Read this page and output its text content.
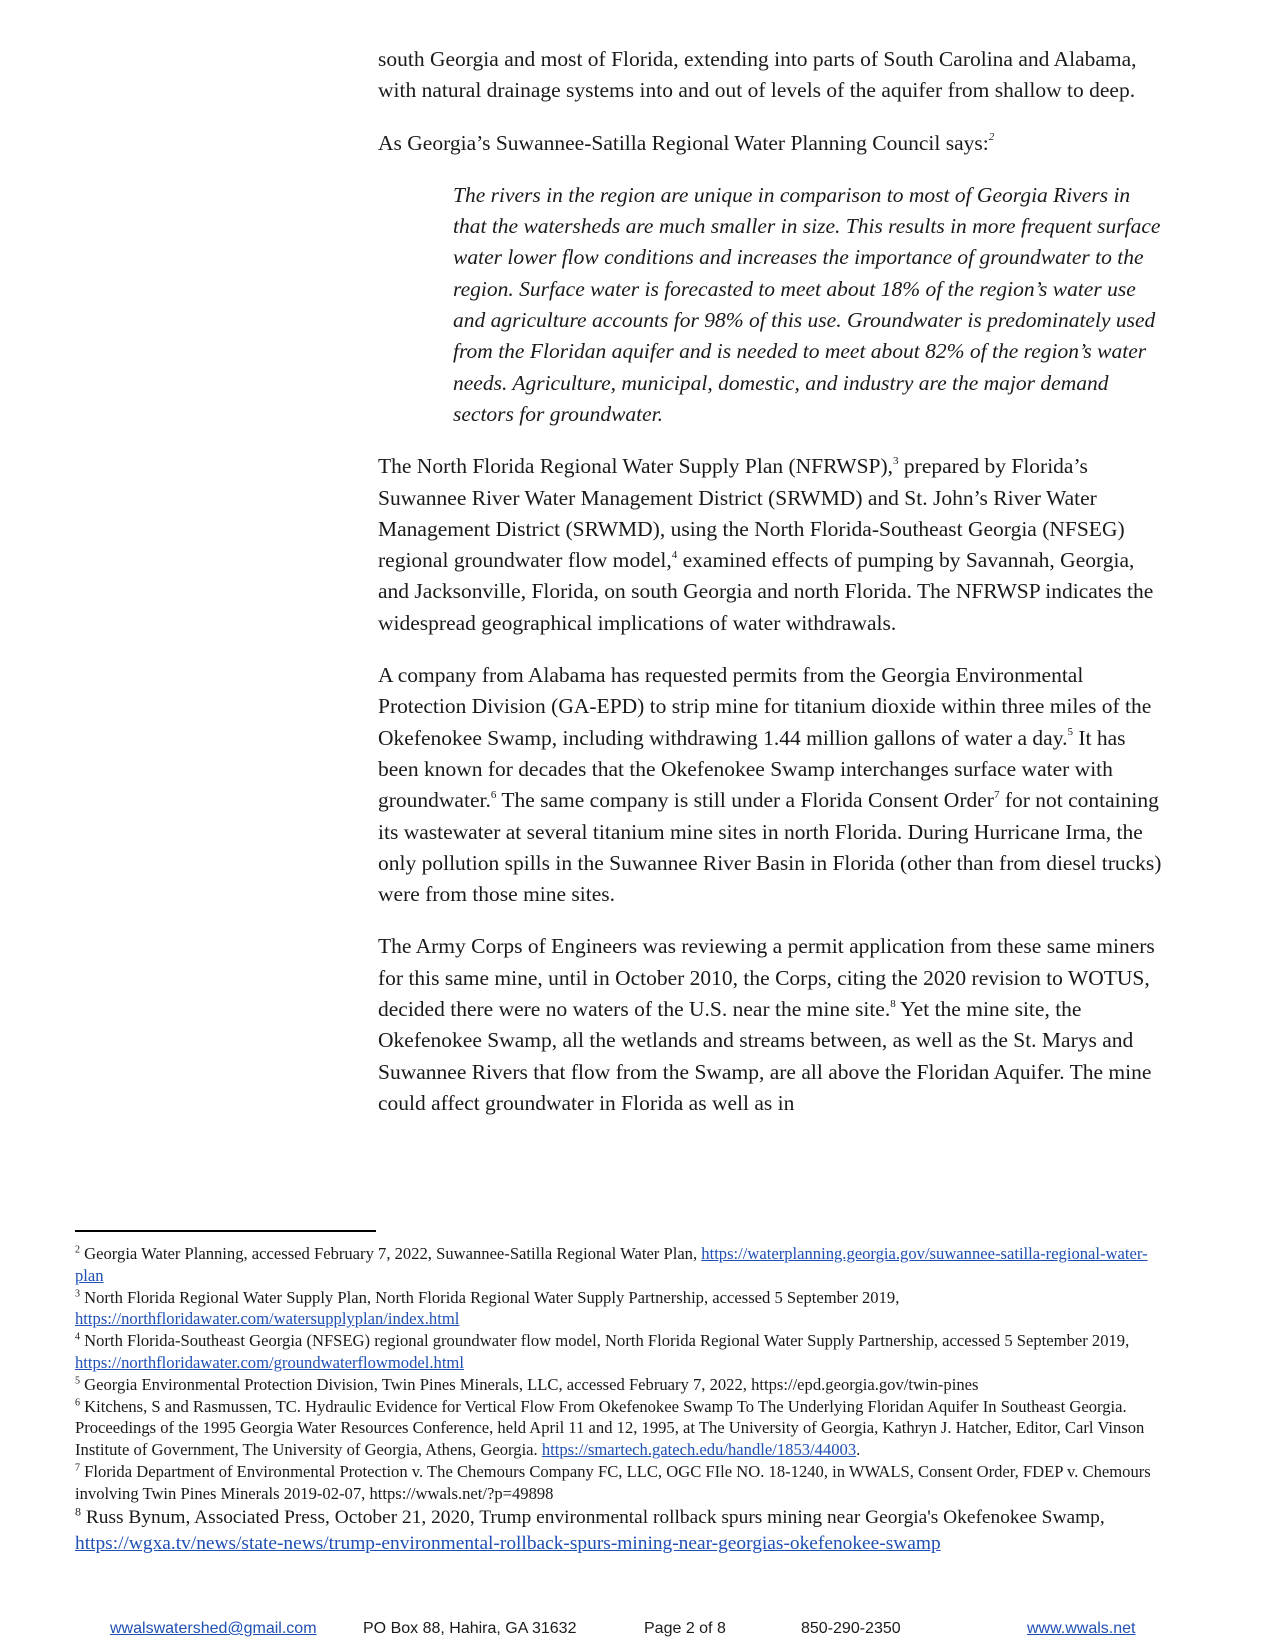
south Georgia and most of Florida, extending into parts of South Carolina and Alabama, with natural drainage systems into and out of levels of the aquifer from shallow to deep.

As Georgia’s Suwannee-Satilla Regional Water Planning Council says:$^2$

The rivers in the region are unique in comparison to most of Georgia Rivers in that the watersheds are much smaller in size. This results in more frequent surface water lower flow conditions and increases the importance of groundwater to the region. Surface water is forecasted to meet about 18% of the region’s water use and agriculture accounts for 98% of this use. Groundwater is predominately used from the Floridan aquifer and is needed to meet about 82% of the region’s water needs. Agriculture, municipal, domestic, and industry are the major demand sectors for groundwater.

The North Florida Regional Water Supply Plan (NFRWSP),$^3$ prepared by Florida’s Suwannee River Water Management District (SRWMD) and St. John’s River Water Management District (SRWMD), using the North Florida-Southeast Georgia (NFSEG) regional groundwater flow model,$^4$ examined effects of pumping by Savannah, Georgia, and Jacksonville, Florida, on south Georgia and north Florida. The NFRWSP indicates the widespread geographical implications of water withdrawals.

A company from Alabama has requested permits from the Georgia Environmental Protection Division (GA-EPD) to strip mine for titanium dioxide within three miles of the Okefenokee Swamp, including withdrawing 1.44 million gallons of water a day.$^5$ It has been known for decades that the Okefenokee Swamp interchanges surface water with groundwater.$^6$ The same company is still under a Florida Consent Order$^7$ for not containing its wastewater at several titanium mine sites in north Florida. During Hurricane Irma, the only pollution spills in the Suwannee River Basin in Florida (other than from diesel trucks) were from those mine sites.

The Army Corps of Engineers was reviewing a permit application from these same miners for this same mine, until in October 2010, the Corps, citing the 2020 revision to WOTUS, decided there were no waters of the U.S. near the mine site.$^8$ Yet the mine site, the Okefenokee Swamp, all the wetlands and streams between, as well as the St. Marys and Suwannee Rivers that flow from the Swamp, are all above the Floridan Aquifer. The mine could affect groundwater in Florida as well as in

$^2$ Georgia Water Planning, accessed February 7, 2022, Suwannee-Satilla Regional Water Plan, https://waterplanning.georgia.gov/suwannee-satilla-regional-water-plan

$^3$ North Florida Regional Water Supply Plan, North Florida Regional Water Supply Partnership, accessed 5 September 2019, https://northfloridawater.com/watersupplyplan/index.html

$^4$ North Florida-Southeast Georgia (NFSEG) regional groundwater flow model, North Florida Regional Water Supply Partnership, accessed 5 September 2019, https://northfloridawater.com/groundwaterflowmodel.html

$^5$ Georgia Environmental Protection Division, Twin Pines Minerals, LLC, accessed February 7, 2022, https://epd.georgia.gov/twin-pines

$^6$ Kitchens, S and Rasmussen, TC. Hydraulic Evidence for Vertical Flow From Okefenokee Swamp To The Underlying Floridan Aquifer In Southeast Georgia. Proceedings of the 1995 Georgia Water Resources Conference, held April 11 and 12, 1995, at The University of Georgia, Kathryn J. Hatcher, Editor, Carl Vinson Institute of Government, The University of Georgia, Athens, Georgia. https://smartech.gatech.edu/handle/1853/44003.

$^7$ Florida Department of Environmental Protection v. The Chemours Company FC, LLC, OGC FIle NO. 18-1240, in WWALS, Consent Order, FDEP v. Chemours involving Twin Pines Minerals 2019-02-07, https://wwals.net/?p=49898

$^8$ Russ Bynum, Associated Press, October 21, 2020, Trump environmental rollback spurs mining near Georgia's Okefenokee Swamp, https://wgxa.tv/news/state-news/trump-environmental-rollback-spurs-mining-near-georgias-okefenokee-swamp

wwalswatershed@gmail.com	PO Box 88, Hahira, GA 31632	Page 2 of 8	850-290-2350	www.wwals.net
